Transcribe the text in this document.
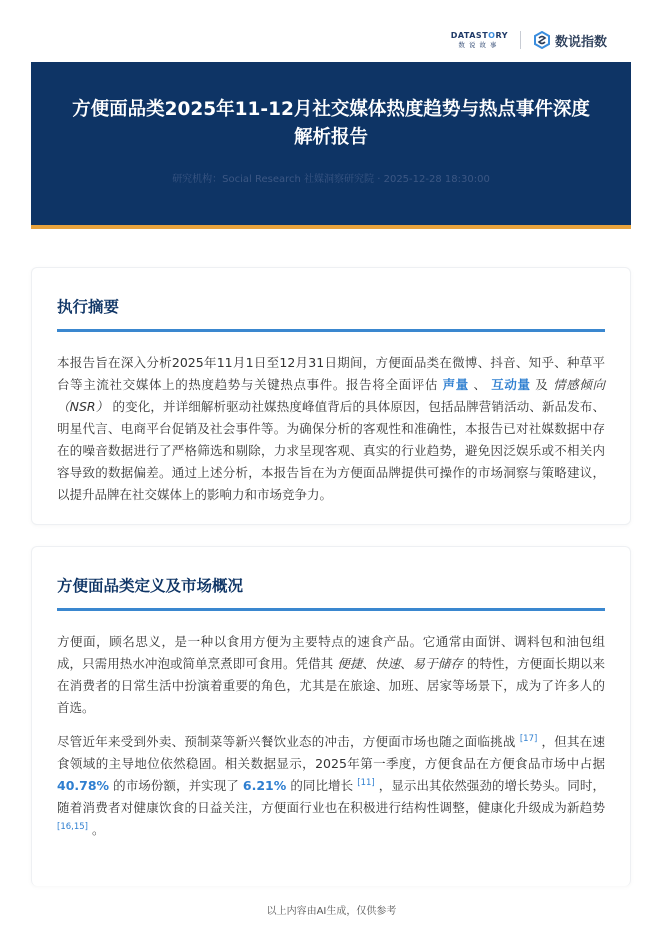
DATASTORY
数说故事	数说指数
方便面品类2025年11-12月社交媒体热度趋势与热点事件深度解析报告
研究机构：Social Research 社媒洞察研究院 · 2025-12-28 18:30:00
执行摘要

本报告旨在深入分析2025年11月1日至12月31日期间，方便面品类在微博、抖音、知乎、种草平台等主流社交媒体上的热度趋势与关键热点事件。报告将全面评估 声量 、 互动量 及 情感倾向（NSR） 的变化，并详细解析驱动社媒热度峰值背后的具体原因，包括品牌营销活动、新品发布、明星代言、电商平台促销及社会事件等。为确保分析的客观性和准确性，本报告已对社媒数据中存在的噪音数据进行了严格筛选和剔除，力求呈现客观、真实的行业趋势，避免因泛娱乐或不相关内容导致的数据偏差。通过上述分析，本报告旨在为方便面品牌提供可操作的市场洞察与策略建议，以提升品牌在社交媒体上的影响力和市场竞争力。

方便面品类定义及市场概况

方便面，顾名思义，是一种以食用方便为主要特点的速食产品。它通常由面饼、调料包和油包组成，只需用热水冲泡或简单烹煮即可食用。凭借其 便捷、快速、易于储存 的特性，方便面长期以来在消费者的日常生活中扮演着重要的角色，尤其是在旅途、加班、居家等场景下，成为了许多人的首选。

尽管近年来受到外卖、预制菜等新兴餐饮业态的冲击，方便面市场也随之面临挑战 [17] ，但其在速食领域的主导地位依然稳固。相关数据显示，2025年第一季度，方便食品在方便食品市场中占据 40.78% 的市场份额，并实现了 6.21% 的同比增长 [11] ，显示出其依然强劲的增长势头。同时，随着消费者对健康饮食的日益关注，方便面行业也在积极进行结构性调整，健康化升级成为新趋势 [16,15] 。

以上内容由AI生成，仅供参考
